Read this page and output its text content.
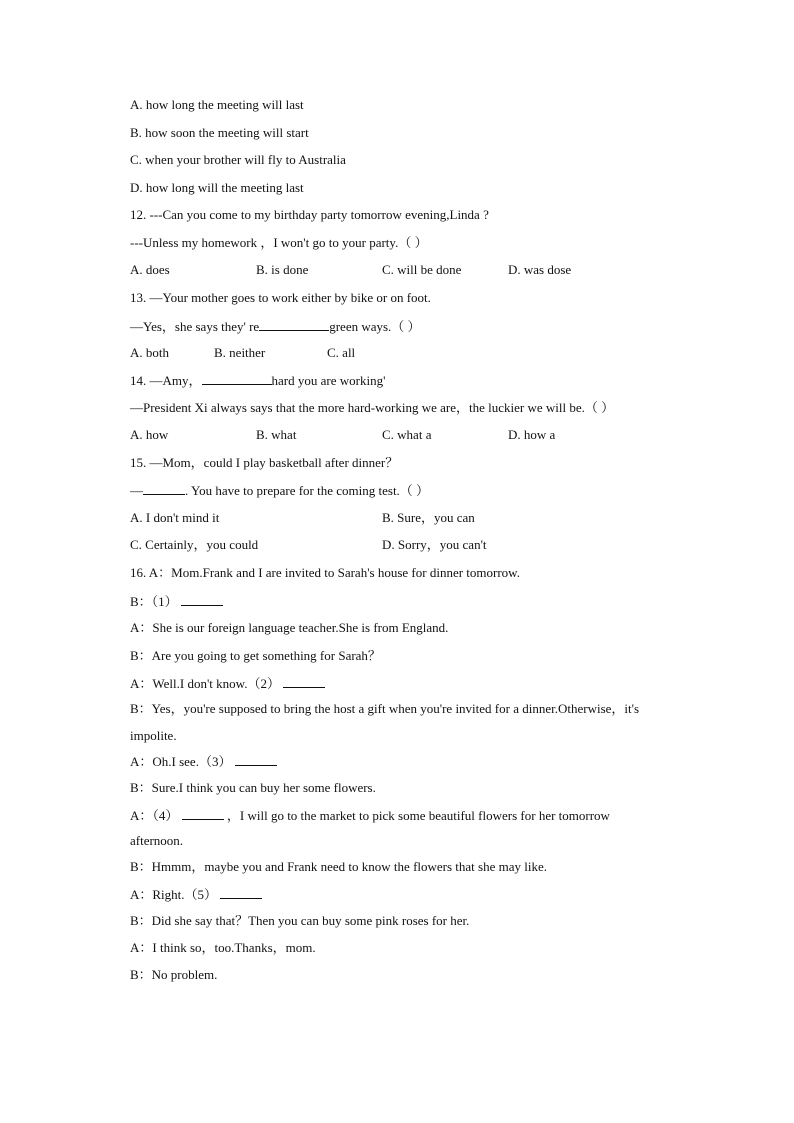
A. how long the meeting will last
B. how soon the meeting will start
C. when your brother will fly to Australia
D. how long will the meeting last
12. ---Can you come to my birthday party tomorrow evening,Linda ?
---Unless my homework ，I won't go to your party.（ ）
A. does	B. is done	C. will be done	D. was dose
13. —Your mother goes to work either by bike or on foot.
—Yes，she says they' re	green ways.（ ）
A. both	B. neither	C. all
14. —Amy，	hard you are working'
—President Xi always says that the more hard-working we are，the luckier we will be.（ ）
A. how	B. what	C. what a	D. how a
15. —Mom，could I play basketball after dinner？
—	. You have to prepare for the coming test.（ ）
A. I don't mind it	B. Sure，you can
C. Certainly，you could	D. Sorry，you can't
16. A：Mom.Frank and I are invited to Sarah's house for dinner tomorrow.
B：（1）
A：She is our foreign language teacher.She is from England.
B：Are you going to get something for Sarah？
A：Well.I don't know.（2）
B：Yes，you're supposed to bring the host a gift when you're invited for a dinner.Otherwise，it's
impolite.
A：Oh.I see.（3）
B：Sure.I think you can buy her some flowers.
A：（4）	，I will go to the market to pick some beautiful flowers for her tomorrow
afternoon.
B：Hmmm，maybe you and Frank need to know the flowers that she may like.
A：Right.（5）
B：Did she say that？Then you can buy some pink roses for her.
A：I think so，too.Thanks，mom.
B：No problem.
